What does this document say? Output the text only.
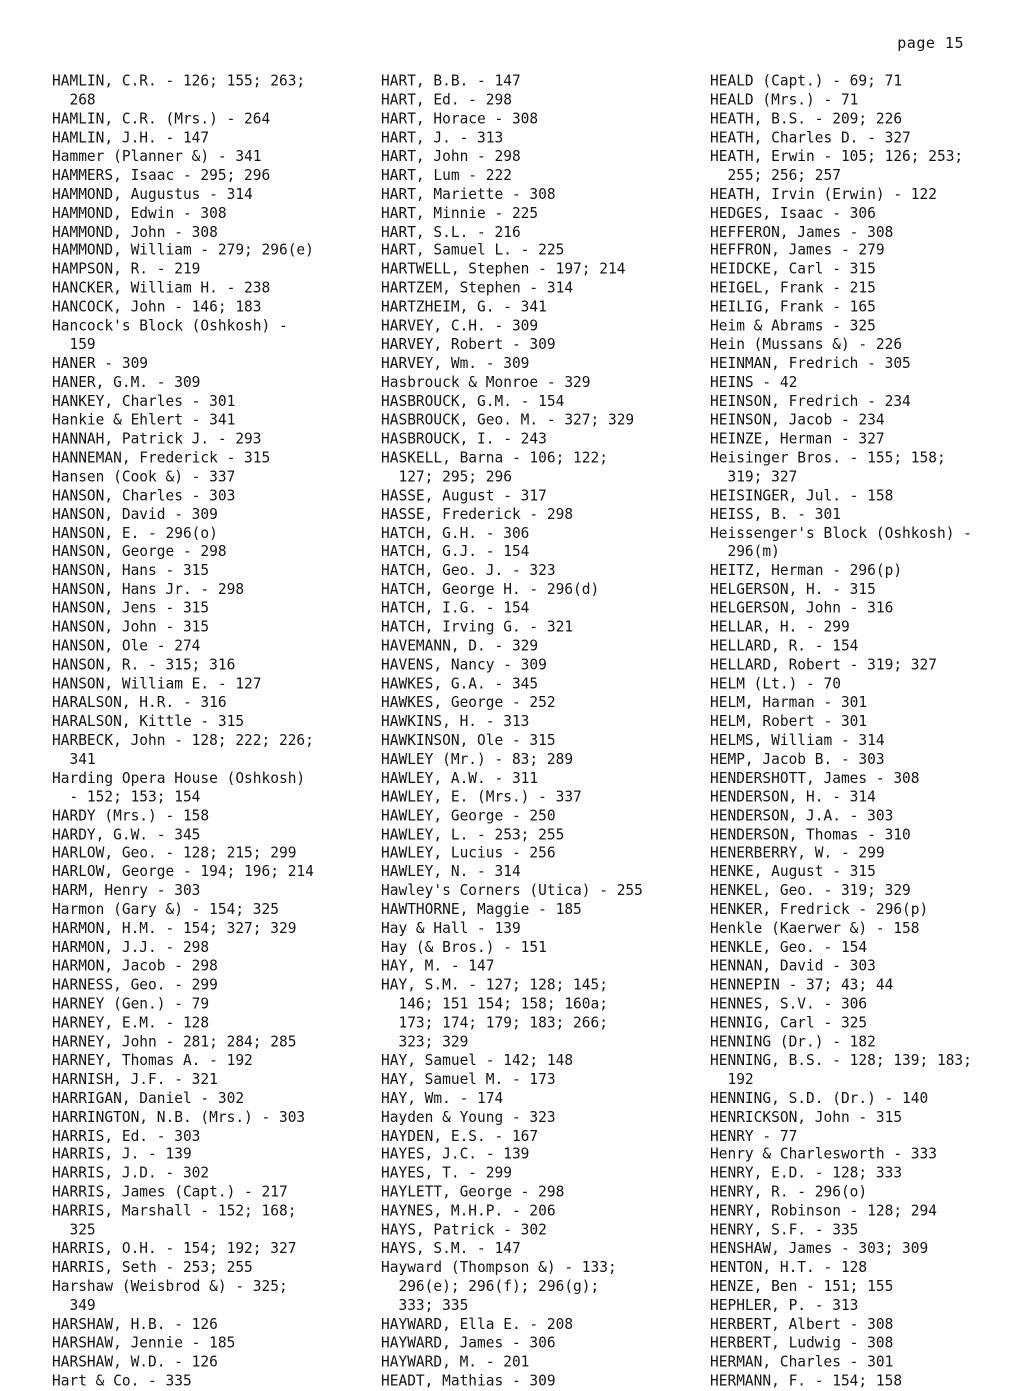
page 15
HAMLIN, C.R. - 126; 155; 263;
268
HAMLIN, C.R. (Mrs.) - 264
HAMLIN, J.H. - 147
Hammer (Planner &) - 341
HAMMERS, Isaac - 295; 296
HAMMOND, Augustus - 314
HAMMOND, Edwin - 308
HAMMOND, John - 308
HAMMOND, William - 279; 296(e)
HAMPSON, R. - 219
HANCKER, William H. - 238
HANCOCK, John - 146; 183
Hancock's Block (Oshkosh) -
159
HANER - 309
HANER, G.M. - 309
HANKEY, Charles - 301
Hankie & Ehlert - 341
HANNAH, Patrick J. - 293
HANNEMAN, Frederick - 315
Hansen (Cook &) - 337
HANSON, Charles - 303
HANSON, David - 309
HANSON, E. - 296(o)
HANSON, George - 298
HANSON, Hans - 315
HANSON, Hans Jr. - 298
HANSON, Jens - 315
HANSON, John - 315
HANSON, Ole - 274
HANSON, R. - 315; 316
HANSON, William E. - 127
HARALSON, H.R. - 316
HARALSON, Kittle - 315
HARBECK, John - 128; 222; 226;
341
Harding Opera House (Oshkosh)
- 152; 153; 154
HARDY (Mrs.) - 158
HARDY, G.W. - 345
HARLOW, Geo. - 128; 215; 299
HARLOW, George - 194; 196; 214
HARM, Henry - 303
Harmon (Gary &) - 154; 325
HARMON, H.M. - 154; 327; 329
HARMON, J.J. - 298
HARMON, Jacob - 298
HARNESS, Geo. - 299
HARNEY (Gen.) - 79
HARNEY, E.M. - 128
HARNEY, John - 281; 284; 285
HARNEY, Thomas A. - 192
HARNISH, J.F. - 321
HARRIGAN, Daniel - 302
HARRINGTON, N.B. (Mrs.) - 303
HARRIS, Ed. - 303
HARRIS, J. - 139
HARRIS, J.D. - 302
HARRIS, James (Capt.) - 217
HARRIS, Marshall - 152; 168;
325
HARRIS, O.H. - 154; 192; 327
HARRIS, Seth - 253; 255
Harshaw (Weisbrod &) - 325;
349
HARSHAW, H.B. - 126
HARSHAW, Jennie - 185
HARSHAW, W.D. - 126
Hart & Co. - 335
HART, B.B. - 147
HART, Ed. - 298
HART, Horace - 308
HART, J. - 313
HART, John - 298
HART, Lum - 222
HART, Mariette - 308
HART, Minnie - 225
HART, S.L. - 216
HART, Samuel L. - 225
HARTWELL, Stephen - 197; 214
HARTZEM, Stephen - 314
HARTZHEIM, G. - 341
HARVEY, C.H. - 309
HARVEY, Robert - 309
HARVEY, Wm. - 309
Hasbrouck & Monroe - 329
HASBROUCK, G.M. - 154
HASBROUCK, Geo. M. - 327; 329
HASBROUCK, I. - 243
HASKELL, Barna - 106; 122;
127; 295; 296
HASSE, August - 317
HASSE, Frederick - 298
HATCH, G.H. - 306
HATCH, G.J. - 154
HATCH, Geo. J. - 323
HATCH, George H. - 296(d)
HATCH, I.G. - 154
HATCH, Irving G. - 321
HAVEMANN, D. - 329
HAVENS, Nancy - 309
HAWKES, G.A. - 345
HAWKES, George - 252
HAWKINS, H. - 313
HAWKINSON, Ole - 315
HAWLEY (Mr.) - 83; 289
HAWLEY, A.W. - 311
HAWLEY, E. (Mrs.) - 337
HAWLEY, George - 250
HAWLEY, L. - 253; 255
HAWLEY, Lucius - 256
HAWLEY, N. - 314
Hawley's Corners (Utica) - 255
HAWTHORNE, Maggie - 185
Hay & Hall - 139
Hay (& Bros.) - 151
HAY, M. - 147
HAY, S.M. - 127; 128; 145;
146; 151 154; 158; 160a;
173; 174; 179; 183; 266;
323; 329
HAY, Samuel - 142; 148
HAY, Samuel M. - 173
HAY, Wm. - 174
Hayden & Young - 323
HAYDEN, E.S. - 167
HAYES, J.C. - 139
HAYES, T. - 299
HAYLETT, George - 298
HAYNES, M.H.P. - 206
HAYS, Patrick - 302
HAYS, S.M. - 147
Hayward (Thompson &) - 133;
296(e); 296(f); 296(g);
333; 335
HAYWARD, Ella E. - 208
HAYWARD, James - 306
HAYWARD, M. - 201
HEADT, Mathias - 309
HEALD (Capt.) - 69; 71
HEALD (Mrs.) - 71
HEATH, B.S. - 209; 226
HEATH, Charles D. - 327
HEATH, Erwin - 105; 126; 253;
255; 256; 257
HEATH, Irvin (Erwin) - 122
HEDGES, Isaac - 306
HEFFERON, James - 308
HEFFRON, James - 279
HEIDCKE, Carl - 315
HEIGEL, Frank - 215
HEILIG, Frank - 165
Heim & Abrams - 325
Hein (Mussans &) - 226
HEINMAN, Fredrich - 305
HEINS - 42
HEINSON, Fredrich - 234
HEINSON, Jacob - 234
HEINZE, Herman - 327
Heisinger Bros. - 155; 158;
319; 327
HEISINGER, Jul. - 158
HEISS, B. - 301
Heissenger's Block (Oshkosh) -
296(m)
HEITZ, Herman - 296(p)
HELGERSON, H. - 315
HELGERSON, John - 316
HELLAR, H. - 299
HELLARD, R. - 154
HELLARD, Robert - 319; 327
HELM (Lt.) - 70
HELM, Harman - 301
HELM, Robert - 301
HELMS, William - 314
HEMP, Jacob B. - 303
HENDERSHOTT, James - 308
HENDERSON, H. - 314
HENDERSON, J.A. - 303
HENDERSON, Thomas - 310
HENERBERRY, W. - 299
HENKE, August - 315
HENKEL, Geo. - 319; 329
HENKER, Fredrick - 296(p)
Henkle (Kaerwer &) - 158
HENKLE, Geo. - 154
HENNAN, David - 303
HENNEPIN - 37; 43; 44
HENNES, S.V. - 306
HENNIG, Carl - 325
HENNING (Dr.) - 182
HENNING, B.S. - 128; 139; 183;
192
HENNING, S.D. (Dr.) - 140
HENRICKSON, John - 315
HENRY - 77
Henry & Charlesworth - 333
HENRY, E.D. - 128; 333
HENRY, R. - 296(o)
HENRY, Robinson - 128; 294
HENRY, S.F. - 335
HENSHAW, James - 303; 309
HENTON, H.T. - 128
HENZE, Ben - 151; 155
HEPHLER, P. - 313
HERBERT, Albert - 308
HERBERT, Ludwig - 308
HERMAN, Charles - 301
HERMANN, F. - 154; 158
